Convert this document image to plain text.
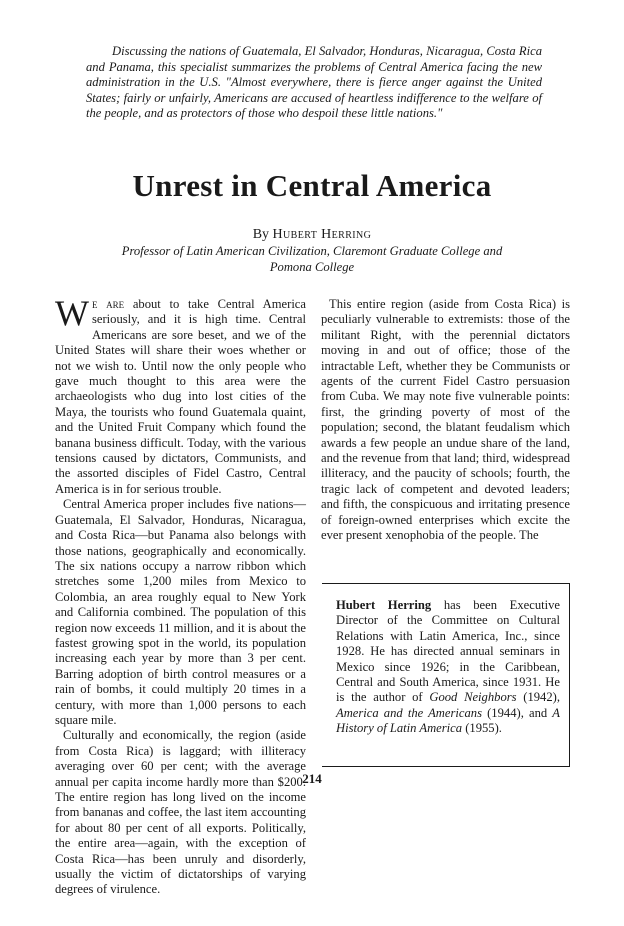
Discussing the nations of Guatemala, El Salvador, Honduras, Nicaragua, Costa Rica and Panama, this specialist summarizes the problems of Central America facing the new administration in the U.S. "Almost everywhere, there is fierce anger against the United States; fairly or unfairly, Americans are accused of heartless indifference to the welfare of the people, and as protectors of those who despoil these little nations."

Unrest in Central America

By Hubert Herring

Professor of Latin American Civilization, Claremont Graduate College and Pomona College

We are about to take Central America seriously, and it is high time. Central Americans are sore beset, and we of the United States will share their woes whether or not we wish to. Until now the only people who gave much thought to this area were the archaeologists who dug into lost cities of the Maya, the tourists who found Guatemala quaint, and the United Fruit Company which found the banana business difficult. Today, with the various tensions caused by dictators, Communists, and the assorted disciples of Fidel Castro, Central America is in for serious trouble.

Central America proper includes five nations—Guatemala, El Salvador, Honduras, Nicaragua, and Costa Rica—but Panama also belongs with those nations, geographically and economically. The six nations occupy a narrow ribbon which stretches some 1,200 miles from Mexico to Colombia, an area roughly equal to New York and California combined. The population of this region now exceeds 11 million, and it is about the fastest growing spot in the world, its population increasing each year by more than 3 per cent. Barring adoption of birth control measures or a rain of bombs, it could multiply 20 times in a century, with more than 1,000 persons to each square mile.

Culturally and economically, the region (aside from Costa Rica) is laggard; with illiteracy averaging over 60 per cent; with the average annual per capita income hardly more than $200. The entire region has long lived on the income from bananas and coffee, the last item accounting for about 80 per cent of all exports. Politically, the entire area—again, with the exception of Costa Rica—has been unruly and disorderly, usually the victim of dictatorships of varying degrees of virulence.

This entire region (aside from Costa Rica) is peculiarly vulnerable to extremists: those of the militant Right, with the perennial dictators moving in and out of office; those of the intractable Left, whether they be Communists or agents of the current Fidel Castro persuasion from Cuba. We may note five vulnerable points: first, the grinding poverty of most of the population; second, the blatant feudalism which awards a few people an undue share of the land, and the revenue from that land; third, widespread illiteracy, and the paucity of schools; fourth, the tragic lack of competent and devoted leaders; and fifth, the conspicuous and irritating presence of foreign-owned enterprises which excite the ever present xenophobia of the people. The

Hubert Herring has been Executive Director of the Committee on Cultural Relations with Latin America, Inc., since 1928. He has directed annual seminars in Mexico since 1926; in the Caribbean, Central and South America, since 1931. He is the author of Good Neighbors (1942), America and the Americans (1944), and A History of Latin America (1955).

214
